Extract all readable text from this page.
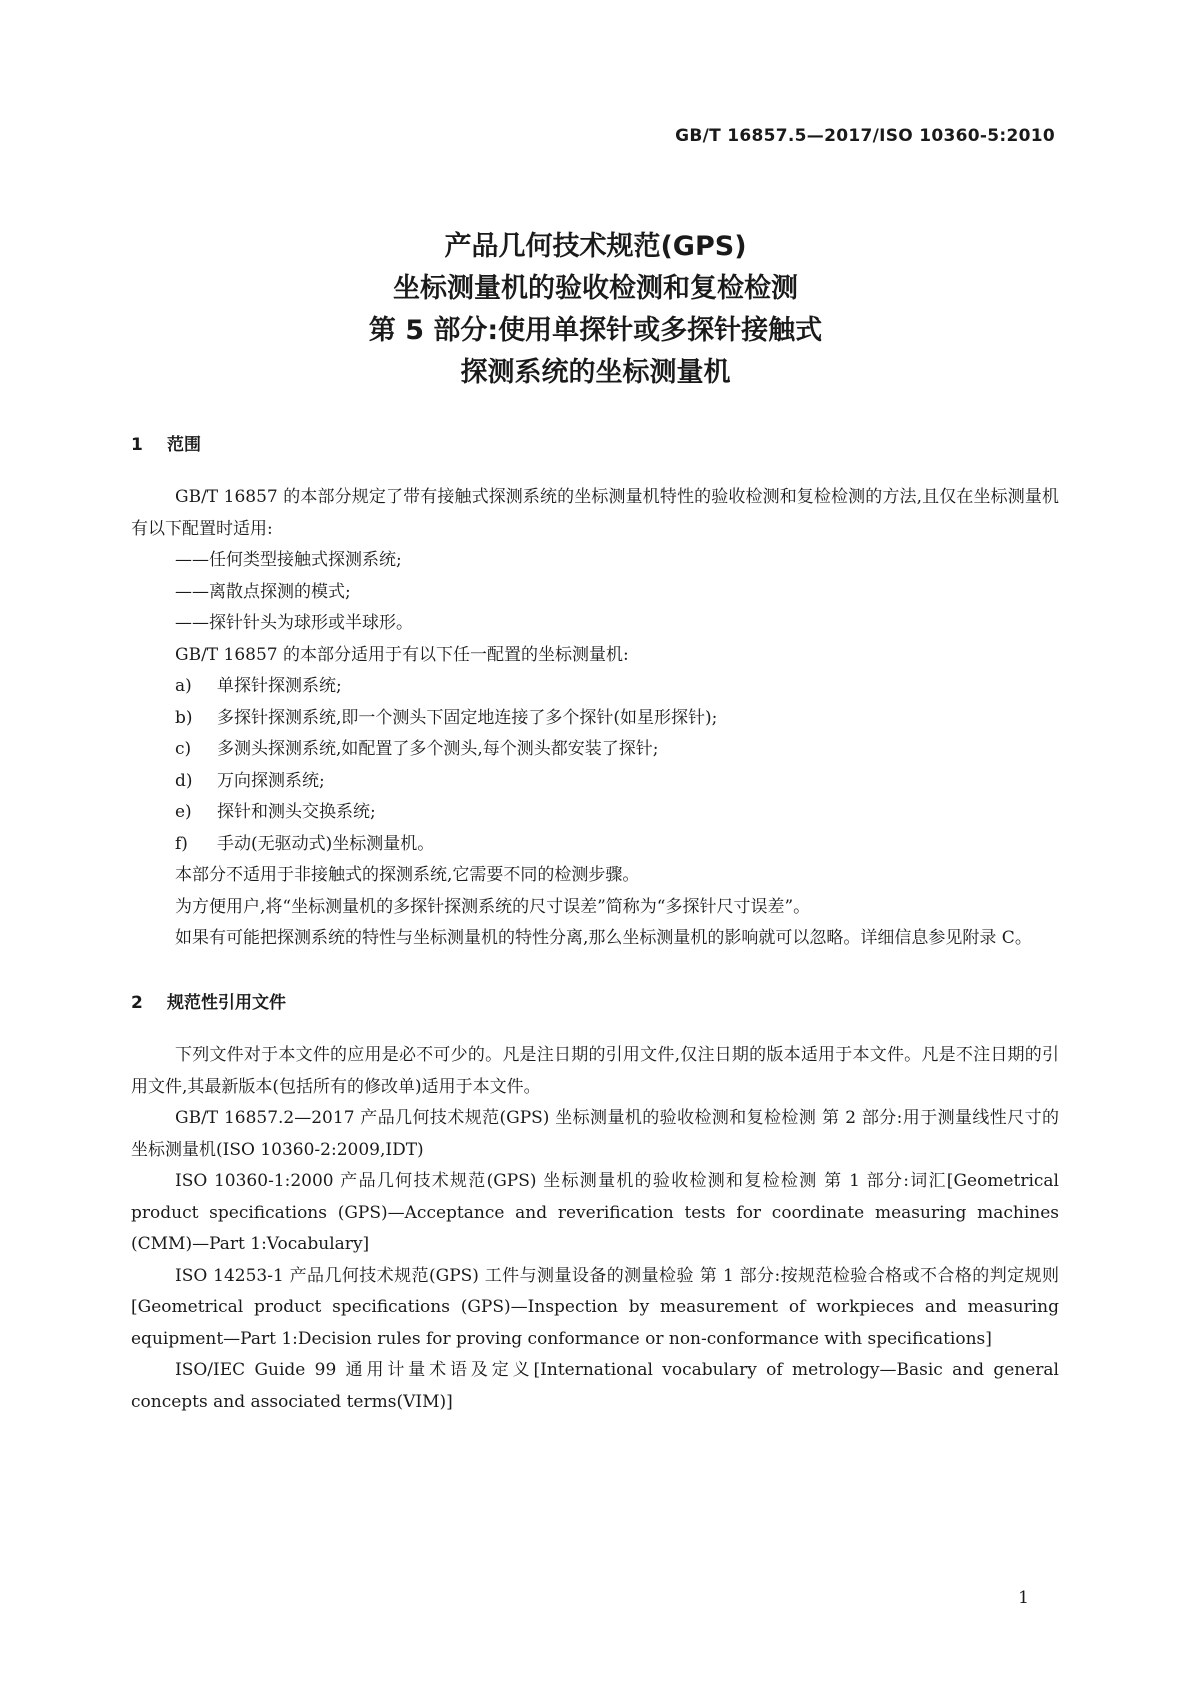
GB/T 16857.5—2017/ISO 10360-5:2010
产品几何技术规范(GPS)
坐标测量机的验收检测和复检检测
第 5 部分:使用单探针或多探针接触式
探测系统的坐标测量机
1 范围

GB/T 16857 的本部分规定了带有接触式探测系统的坐标测量机特性的验收检测和复检检测的方法,且仅在坐标测量机有以下配置时适用:

——任何类型接触式探测系统;

——离散点探测的模式;

——探针针头为球形或半球形。

GB/T 16857 的本部分适用于有以下任一配置的坐标测量机:

a) 单探针探测系统;

b) 多探针探测系统,即一个测头下固定地连接了多个探针(如星形探针);

c) 多测头探测系统,如配置了多个测头,每个测头都安装了探针;

d) 万向探测系统;

e) 探针和测头交换系统;

f) 手动(无驱动式)坐标测量机。

本部分不适用于非接触式的探测系统,它需要不同的检测步骤。

为方便用户,将“坐标测量机的多探针探测系统的尺寸误差”简称为“多探针尺寸误差”。

如果有可能把探测系统的特性与坐标测量机的特性分离,那么坐标测量机的影响就可以忽略。详细信息参见附录 C。

2 规范性引用文件

下列文件对于本文件的应用是必不可少的。凡是注日期的引用文件,仅注日期的版本适用于本文件。凡是不注日期的引用文件,其最新版本(包括所有的修改单)适用于本文件。

GB/T 16857.2—2017 产品几何技术规范(GPS) 坐标测量机的验收检测和复检检测 第 2 部分:用于测量线性尺寸的坐标测量机(ISO 10360-2:2009,IDT)

ISO 10360-1:2000 产品几何技术规范(GPS) 坐标测量机的验收检测和复检检测 第 1 部分:词汇[Geometrical product specifications (GPS)—Acceptance and reverification tests for coordinate measuring machines (CMM)—Part 1:Vocabulary]

ISO 14253-1 产品几何技术规范(GPS) 工件与测量设备的测量检验 第 1 部分:按规范检验合格或不合格的判定规则[Geometrical product specifications (GPS)—Inspection by measurement of workpieces and measuring equipment—Part 1:Decision rules for proving conformance or non-conformance with specifications]

ISO/IEC Guide 99 通用计量术语及定义[International vocabulary of metrology—Basic and general concepts and associated terms(VIM)]

1
